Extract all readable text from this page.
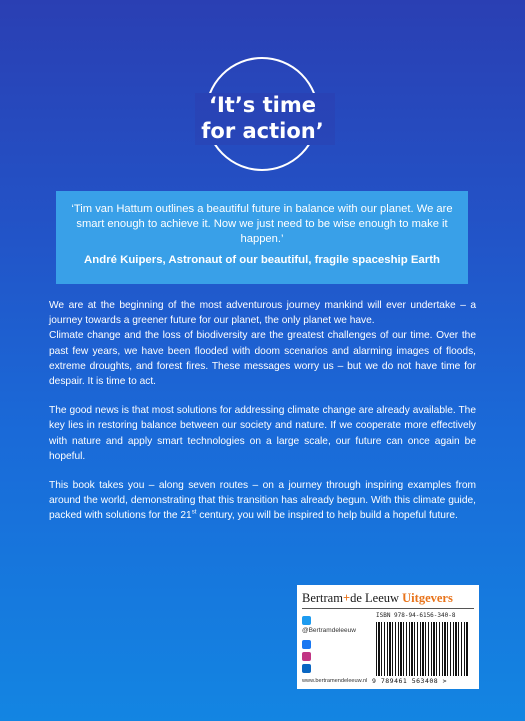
‘It’s time
for action’
‘Tim van Hattum outlines a beautiful future in balance with our planet. We are smart enough to achieve it. Now we just need to be wise enough to make it happen.’
André Kuipers, Astronaut of our beautiful, fragile spaceship Earth

We are at the beginning of the most adventurous journey mankind will ever undertake – a journey towards a greener future for our planet, the only planet we have.

Climate change and the loss of biodiversity are the greatest challenges of our time. Over the past few years, we have been flooded with doom scenarios and alarming images of floods, extreme droughts, and forest fires. These messages worry us – but we do not have time for despair. It is time to act.

The good news is that most solutions for addressing climate change are already available. The key lies in restoring balance between our society and nature. If we cooperate more effectively with nature and apply smart technologies on a large scale, our future can once again be hopeful.

This book takes you – along seven routes – on a journey through inspiring examples from around the world, demonstrating that this transition has already begun. With this climate guide, packed with solutions for the 21st century, you will be inspired to help build a hopeful future.

Bertram+de Leeuw Uitgevers
@Bertramdeleeuw
www.bertramendeleeuw.nl
ISBN 978-94-6156-340-8
9 789461 563408 >
